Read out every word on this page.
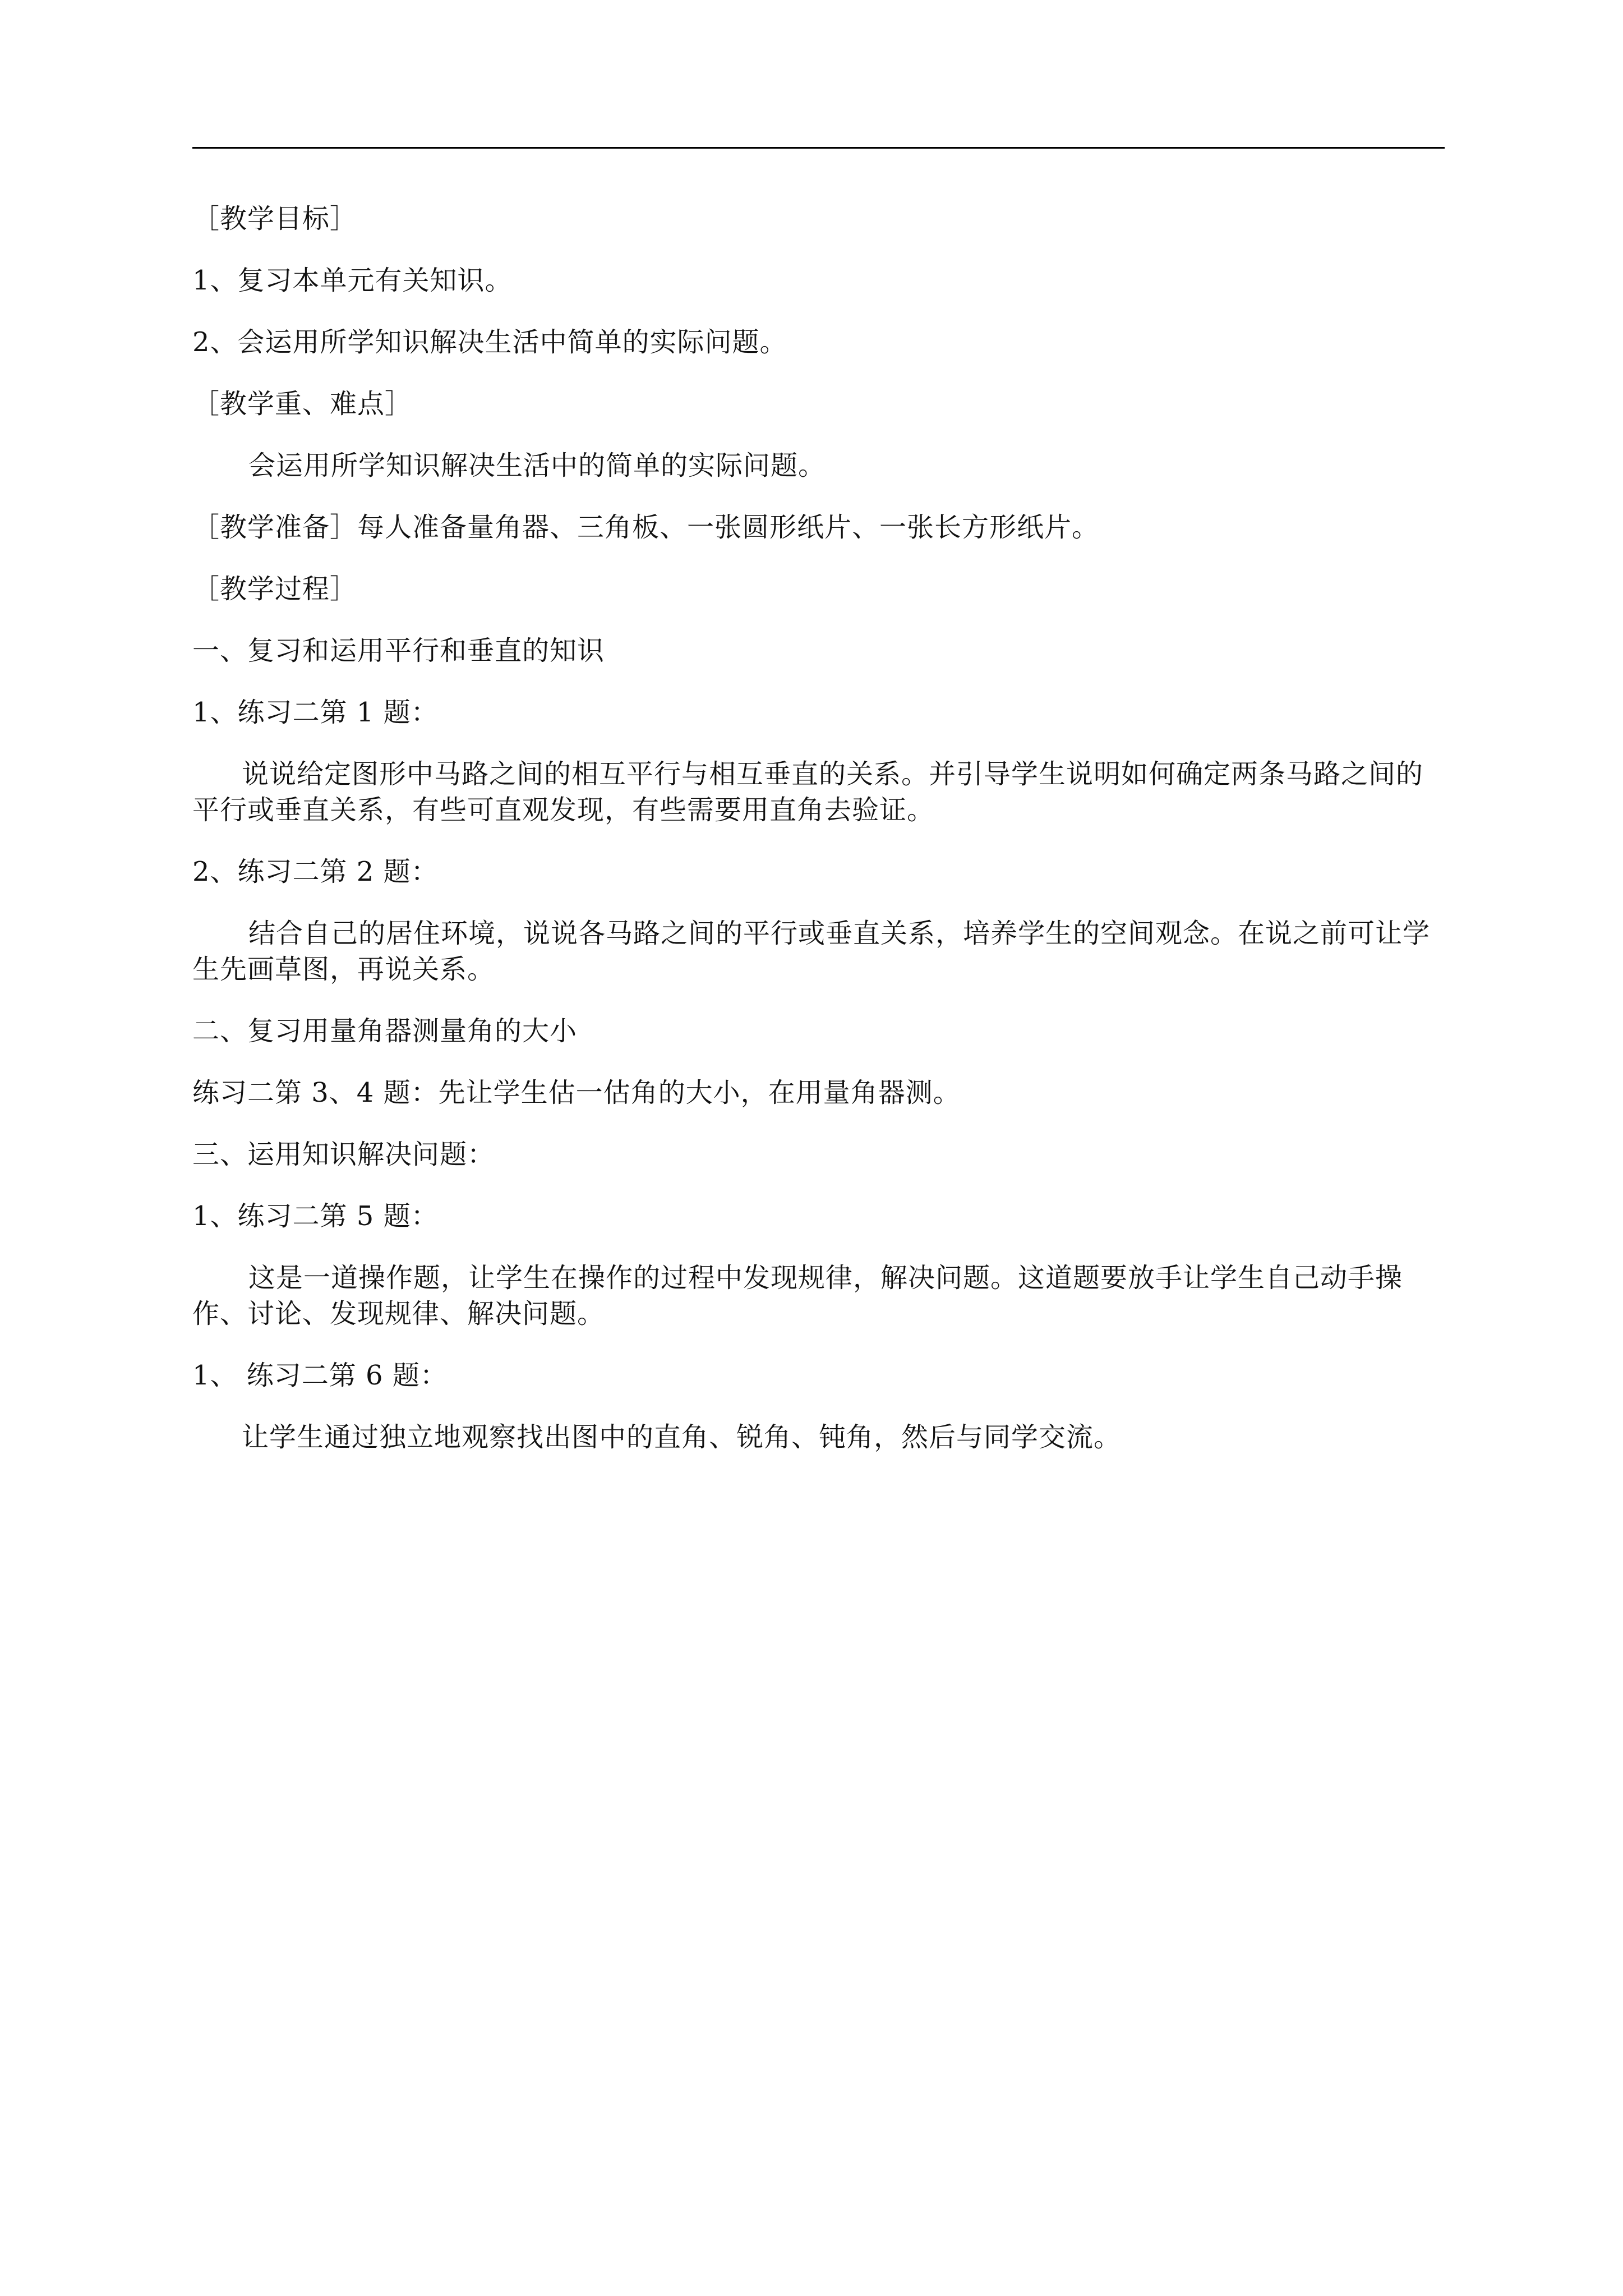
［教学目标］

1、复习本单元有关知识。

2、会运用所学知识解决生活中简单的实际问题。

［教学重、难点］

会运用所学知识解决生活中的简单的实际问题。

［教学准备］每人准备量角器、三角板、一张圆形纸片、一张长方形纸片。

［教学过程］

一、复习和运用平行和垂直的知识

1、练习二第 1 题：

说说给定图形中马路之间的相互平行与相互垂直的关系。并引导学生说明如何确定两条马路之间的平行或垂直关系，有些可直观发现，有些需要用直角去验证。

2、练习二第 2 题：

结合自己的居住环境，说说各马路之间的平行或垂直关系，培养学生的空间观念。在说之前可让学生先画草图，再说关系。

二、复习用量角器测量角的大小

练习二第 3、4 题：先让学生估一估角的大小，在用量角器测。

三、运用知识解决问题：

1、练习二第 5 题：

这是一道操作题，让学生在操作的过程中发现规律，解决问题。这道题要放手让学生自己动手操作、讨论、发现规律、解决问题。

1、 练习二第 6 题：

让学生通过独立地观察找出图中的直角、锐角、钝角，然后与同学交流。
